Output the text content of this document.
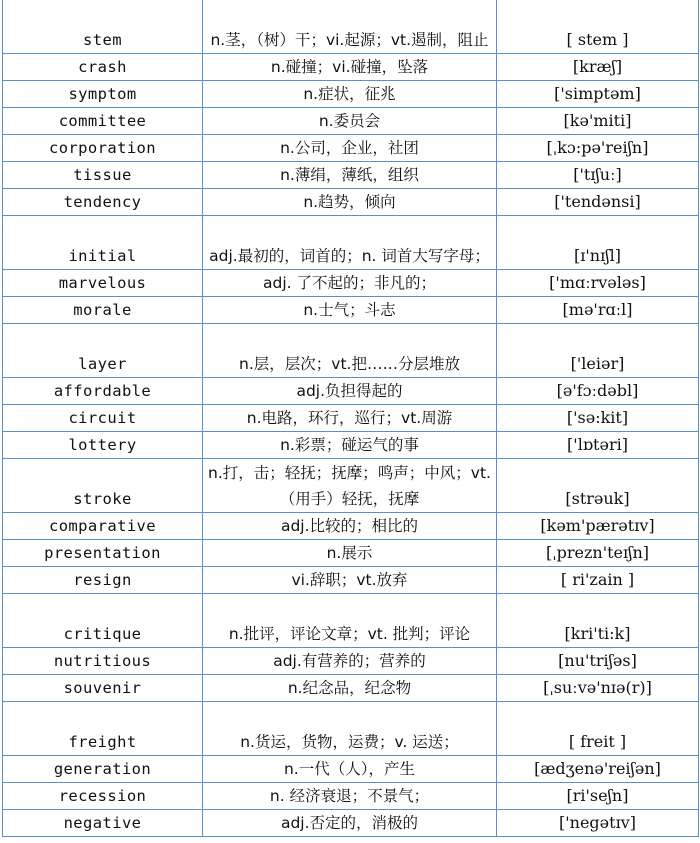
stem	n.茎，（树）干；vi.起源；vt.遏制，阻止	[ stem ]
crash	n.碰撞；vi.碰撞，坠落	[kræʃ]
symptom	n.症状，征兆	['simptəm]
committee	n.委员会	[kə'miti]
corporation	n.公司，企业，社团	[ˌkɔ:pə'reiʃn]
tissue	n.薄绢，薄纸，组织	['tɪʃuː]
tendency	n.趋势，倾向	['tendənsi]
initial	adj.最初的，词首的；n. 词首大写字母；	[ɪ'nɪʃl]
marvelous	adj. 了不起的；非凡的；	['mɑːrvələs]
morale	n.士气；斗志	[mə'rɑːl]
layer	n.层，层次；vt.把……分层堆放	['leiər]
affordable	adj.负担得起的	[ə'fɔːdəbl]
circuit	n.电路，环行，巡行；vt.周游	['sə:kit]
lottery	n.彩票；碰运气的事	['lɒtəri]
stroke	n.打，击；轻抚；抚摩；鸣声；中风；vt.（用手）轻抚，抚摩	[strəuk]
comparative	adj.比较的；相比的	[kəm'pærətɪv]
presentation	n.展示	[ˌprezn'teɪʃn]
resign	vi.辞职；vt.放弃	[ ri'zain ]
critique	n.批评，评论文章；vt. 批判；评论	[kri'ti:k]
nutritious	adj.有营养的；营养的	[nu'triʃəs]
souvenir	n.纪念品，纪念物	[ˌsuːvə'nɪə(r)]
freight	n.货运，货物，运费；v. 运送；	[ freit ]
generation	n.一代（人），产生	[ædʒenə'reiʃən]
recession	n. 经济衰退；不景气；	[ri'seʃn]
negative	adj.否定的，消极的	['negətɪv]
